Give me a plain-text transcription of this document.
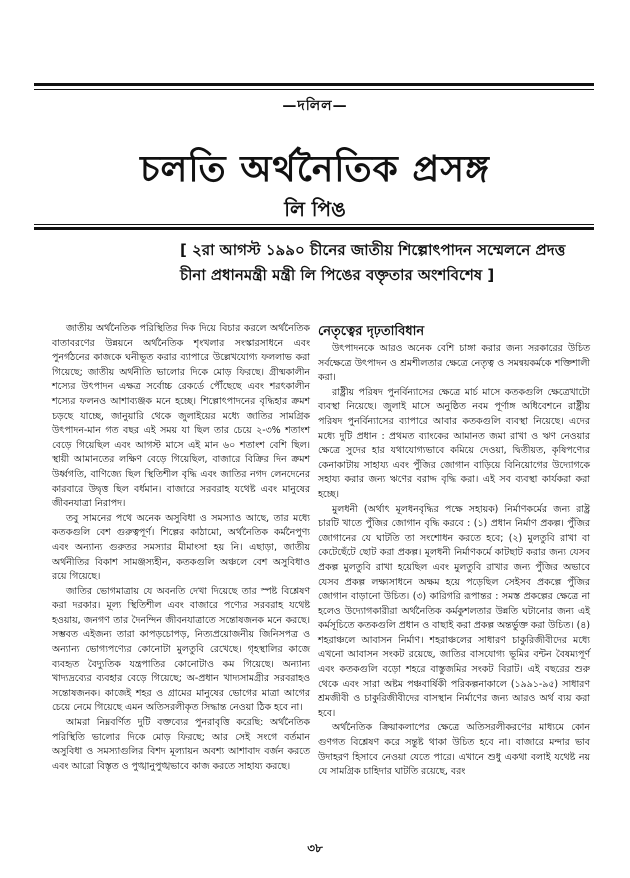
—দলিল—
চলতি অর্থনৈতিক প্রসঙ্গ
লি পিঙ
[ ২রা আগস্ট ১৯৯০ চীনের জাতীয় শিল্পোৎপাদন সম্মেলনে প্রদত্ত চীনা প্রধানমন্ত্রী মন্ত্রী লি পিঙের বক্তৃতার অংশবিশেষ ]

জাতীয় অর্থনৈতিক পরিস্থিতির দিক দিয়ে বিচার করলে অর্থনৈতিক বাতাবরণের উন্নয়নে অর্থনৈতিক শৃংখলার সংস্কারসাধনে এবং পুনর্গঠনের কাজকে ঘনীভূত করার ব্যাপারে উল্লেখযোগ্য ফললাভ করা গিয়েছে; জাতীয় অর্থনীতি ভালোর দিকে মোড় ফিরছে। গ্রীষ্মকালীন শস্যের উৎপাদন এক্ষত্র সর্বোচ্চ রেকর্ডে পৌঁছেছে এবং শরৎকালীন শস্যের ফলনও আশাব্যঞ্জক মনে হচ্ছে। শিল্পোৎপাদনের বৃদ্ধিহার ক্রমশ চড়ছে যাচ্ছে, জানুয়ারি থেকে জুলাইয়ের মধ্যে জাতির সামগ্রিক উৎপাদন-মান গত বছর এই সময় যা ছিল তার চেয়ে ২-৩% শতাংশ বেড়ে গিয়েছিল এবং আগস্ট মাসে এই মান ৬০ শতাংশ বেশি ছিল। স্থায়ী আমানতের লক্ষিণ বেড়ে গিয়েছিল, বাজারে বিক্রির দিন ক্রমশ উর্ধ্বগতি, বাণিজ্যে ছিল স্থিতিশীল বৃদ্ধি এবং জাতির নগদ লেনদেনের কারবারে উদ্বৃত্ত ছিল বর্ধমান। বাজারে সরবরাহ যথেষ্ট এবং মানুষের জীবনযাত্রা নিরাপদ।

তবু সামনের পথে অনেক অসুবিধা ও সমস্যাও আছে, তার মধ্যে কতকগুলি বেশ গুরুত্বপূর্ণ। শিল্পের কাঠামো, অর্থনৈতিক কর্মনৈপুণ্য এবং অন্যান্য গুরুতর সমস্যার মীমাংসা হয় নি। এছাড়া, জাতীয় অর্থনীতির বিকাশ সামঞ্জস্যহীন, কতকগুলি অঞ্চলে বেশ অসুবিধাও রয়ে গিয়েছে।

জাতির ভোগমাত্রায় যে অবনতি দেখা দিয়েছে তার স্পষ্ট বিশ্লেষণ করা দরকার। মূল্য স্থিতিশীল এবং বাজারে পণ্যের সরবরাহ যথেষ্ট হওয়ায়, জনগণ তার দৈনন্দিন জীবনযাত্রাতে সন্তোষজনক মনে করছে। সম্ভবত এইজন্য তারা কাপড়চোপড়, নিত্যপ্রয়োজনীয় জিনিসপত্র ও অন্যান্য ভোগ্যপণ্যের কোনোটা মুলতুবি রেখেছে। গৃহস্থালির কাজে ব্যবহৃত বৈদ্যুতিক যন্ত্রপাতির কোনোটাও কম গিয়েছে। অন্যান্য খাদ্যদ্রব্যের ব্যবহার বেড়ে গিয়েছে; অ-প্রধান খাদ্যসামগ্রীর সরবরাহও সন্তোষজনক। কাজেই শহর ও গ্রামের মানুষের ভোগের মাত্রা আগের চেয়ে নেমে গিয়েছে এমন অতিসরলীকৃত সিদ্ধান্ত নেওয়া ঠিক হবে না।

আমরা নিম্নবর্ণিত দুটি বক্তব্যের পুনরাবৃত্তি করেছি: অর্থনৈতিক পরিস্থিতি ভালোর দিকে মোড় ফিরছে; আর সেই সংগে বর্তমান অসুবিধা ও সমস্যাগুলির বিশদ মূল্যায়ন অবশ্য আশাবাদ বর্জন করতে এবং আরো বিস্তৃত ও পুঙ্খানুপুঙ্খভাবে কাজ করতে সাহায্য করছে।

নেতৃত্বের দৃঢ়তাবিধান

উৎপাদনকে আরও অনেক বেশি চাঙ্গা করার জন্য সরকারের উচিত সর্বক্ষেত্রে উৎপাদন ও শ্রমশীলতার ক্ষেত্রে নেতৃত্ব ও সমন্বয়কর্মকে শক্তিশালী করা।

রাষ্ট্রীয় পরিষদ পুনর্বিন্যাসের ক্ষেত্রে মার্চ মাসে কতকগুলি ক্ষেত্রেখাটো ব্যবস্থা নিয়েছে। জুলাই মাসে অনুষ্ঠিত নবম পূর্ণাঙ্গ অধিবেশনে রাষ্ট্রীয় পরিষদ পুনর্বিন্যাসের ব্যাপারে আবার কতকগুলি ব্যবস্থা নিয়েছে। এদের মধ্যে দুটি প্রধান : প্রথমত ব্যাংকের আমানত জমা রাখা ও ঋণ নেওয়ার ক্ষেত্রে সুদের হার যথাযোগ্যভাবে কমিয়ে দেওয়া, দ্বিতীয়ত, কৃষিপণ্যের কেনাকাটায় সাহায্য এবং পুঁজির জোগান বাড়িয়ে বিনিয়োগের উদ্যোগকে সহায্য করার জন্য ঋণের বরাদ্দ বৃদ্ধি করা। এই সব ব্যবস্থা কার্যকরা করা হচ্ছে।

মুলধনী (অর্থাৎ মূলধনবৃদ্ধির পক্ষে সহায়ক) নির্মাণকর্মের জন্য রাষ্ট্র চারটি খাতে পুঁজির জোগান বৃদ্ধি করবে : (১) প্রধান নির্মাণ প্রকল্প। পুঁজির জোগানের যে ঘাটতি তা সংশোধন করতে হবে; (২) মুলতুবি রাখা বা কেটেছেঁটে ছোট করা প্রকল্প। মূলধনী নির্মাণকর্মে কাটছাট করার জন্য যেসব প্রকল্প মুলতুবি রাখা হয়েছিল এবং মুলতুবি রাখার জন্য পুঁজির অভাবে যেসব প্রকল্প লক্ষ্যসাধনে অক্ষম হয়ে পড়েছিল সেইসব প্রকল্পে পুঁজির জোগান বাড়ানো উচিত। (৩) কারিগরি রূপান্তর : সমস্ত প্রকল্পের ক্ষেত্রে না হলেও উদ্যোগকারীরা অর্থনৈতিক কর্মকুশলতার উন্নতি ঘটানোর জন্য এই কর্মসূচিতে কতকগুলি প্রধান ও বাছাই করা প্রকল্প অন্তর্ভুক্ত করা উচিত। (৪) শহরাঞ্চলে আবাসন নির্মাণ। শহরাঞ্চলের সাধারণ চাকুরিজীবীদের মধ্যে এখনো আবাসন সংকট রয়েছে, জাতির বাসযোগ্য ভূমির বন্টন বৈষম্যপূর্ণ এবং কতকগুলি বড়ো শহরে বাস্তুজমির সংকট বিরাট। এই বছরের শুরু থেকে এবং সারা অষ্টম পঞ্চবার্ষিকী পরিকল্পনাকালে (১৯৯১-৯৫) সাধারণ শ্রমজীবী ও চাকুরিজীবীদের বাসস্থান নির্মাণের জন্য আরও অর্থ ব্যয় করা হবে।

অর্থনৈতিক ক্রিয়াকলাপের ক্ষেত্রে অতিসরলীকরণের মাধ্যমে কোন গুণগত বিশ্লেষণ করে সন্তুষ্ট থাকা উচিত হবে না। বাজারে মন্দার ভাব উদাহরণ হিসাবে নেওয়া যেতে পারে। এখানে শুধু একথা বলাই যথেষ্ট নয় যে সামগ্রিক চাহিদার ঘাটতি রয়েছে, বরং

৩৮
